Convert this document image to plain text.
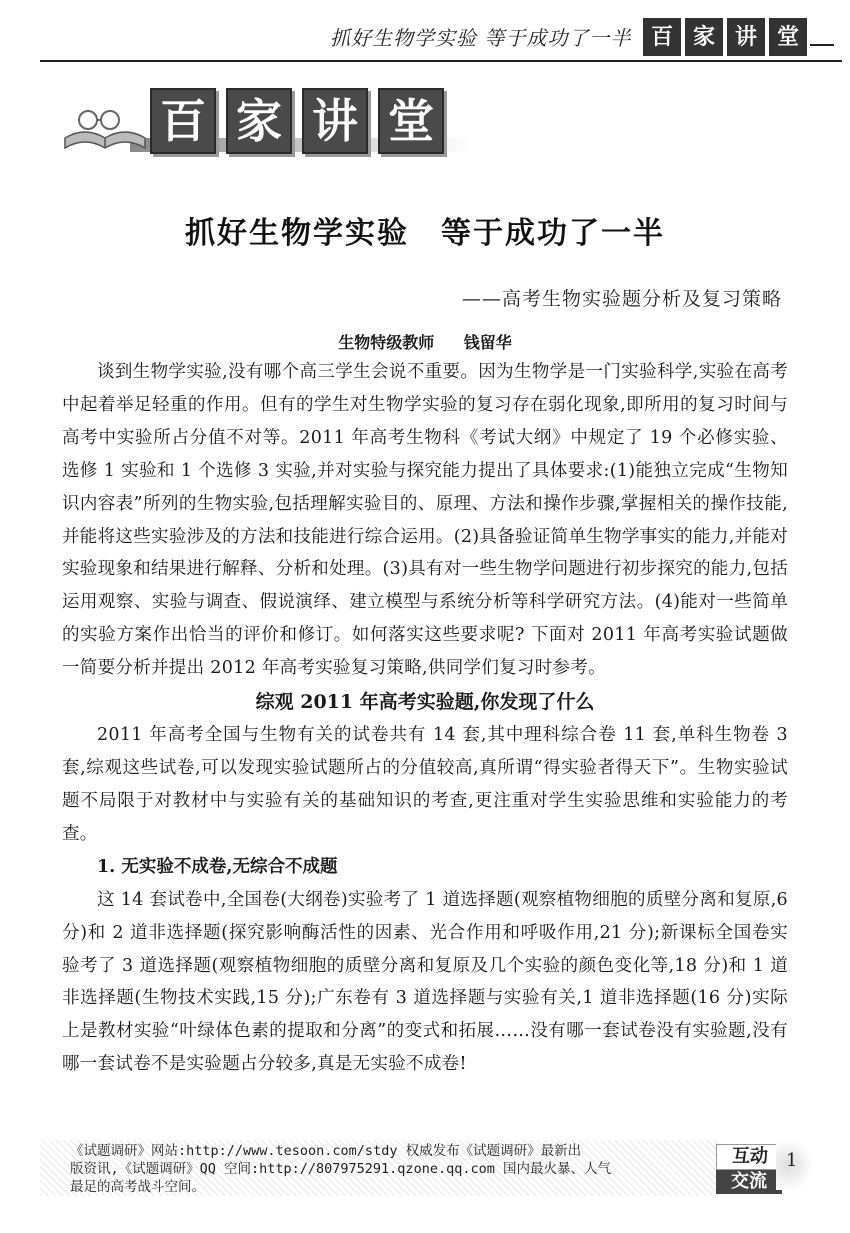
抓好生物学实验 等于成功了一半 百 家 讲 堂
百 家 讲 堂
抓好生物学实验　等于成功了一半
——高考生物实验题分析及复习策略
生物特级教师 钱留华

谈到生物学实验,没有哪个高三学生会说不重要。因为生物学是一门实验科学,实验在高考中起着举足轻重的作用。但有的学生对生物学实验的复习存在弱化现象,即所用的复习时间与高考中实验所占分值不对等。2011 年高考生物科《考试大纲》中规定了 19 个必修实验、选修 1 实验和 1 个选修 3 实验,并对实验与探究能力提出了具体要求:(1)能独立完成“生物知识内容表”所列的生物实验,包括理解实验目的、原理、方法和操作步骤,掌握相关的操作技能,并能将这些实验涉及的方法和技能进行综合运用。(2)具备验证简单生物学事实的能力,并能对实验现象和结果进行解释、分析和处理。(3)具有对一些生物学问题进行初步探究的能力,包括运用观察、实验与调查、假说演绎、建立模型与系统分析等科学研究方法。(4)能对一些简单的实验方案作出恰当的评价和修订。如何落实这些要求呢? 下面对 2011 年高考实验试题做一简要分析并提出 2012 年高考实验复习策略,供同学们复习时参考。

综观 2011 年高考实验题,你发现了什么

2011 年高考全国与生物有关的试卷共有 14 套,其中理科综合卷 11 套,单科生物卷 3 套,综观这些试卷,可以发现实验试题所占的分值较高,真所谓“得实验者得天下”。生物实验试题不局限于对教材中与实验有关的基础知识的考查,更注重对学生实验思维和实验能力的考查。

1. 无实验不成卷,无综合不成题

这 14 套试卷中,全国卷(大纲卷)实验考了 1 道选择题(观察植物细胞的质壁分离和复原,6 分)和 2 道非选择题(探究影响酶活性的因素、光合作用和呼吸作用,21 分);新课标全国卷实验考了 3 道选择题(观察植物细胞的质壁分离和复原及几个实验的颜色变化等,18 分)和 1 道非选择题(生物技术实践,15 分);广东卷有 3 道选择题与实验有关,1 道非选择题(16 分)实际上是教材实验“叶绿体色素的提取和分离”的变式和拓展……没有哪一套试卷没有实验题,没有哪一套试卷不是实验题占分较多,真是无实验不成卷!

《试题调研》网站:http://www.tesoon.com/stdy 权威发布《试题调研》最新出
版资讯,《试题调研》QQ 空间:http://807975291.qzone.qq.com 国内最火暴、人气
最足的高考战斗空间。
互动
交流
1
